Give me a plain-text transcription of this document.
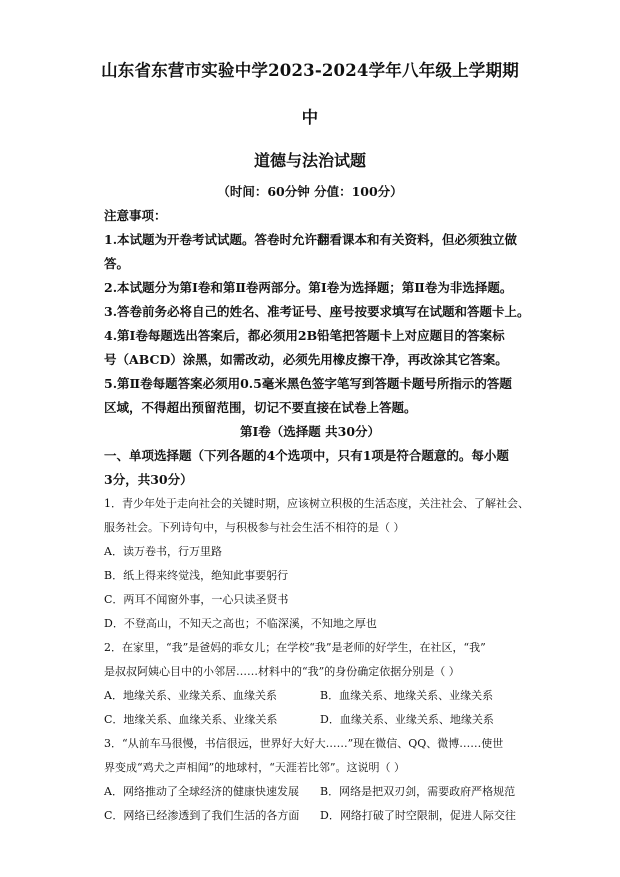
山东省东营市实验中学2023-2024学年八年级上学期期
中
道德与法治试题
（时间：60分钟 分值：100分）
注意事项：
1.本试题为开卷考试试题。答卷时允许翻看课本和有关资料，但必须独立做
答。
2.本试题分为第Ⅰ卷和第Ⅱ卷两部分。第Ⅰ卷为选择题；第Ⅱ卷为非选择题。
3.答卷前务必将自己的姓名、准考证号、座号按要求填写在试题和答题卡上。
4.第Ⅰ卷每题选出答案后，都必须用2B铅笔把答题卡上对应题目的答案标
号（ABCD）涂黑，如需改动，必须先用橡皮擦干净，再改涂其它答案。
5.第Ⅱ卷每题答案必须用0.5毫米黑色签字笔写到答题卡题号所指示的答题
区域，不得超出预留范围，切记不要直接在试卷上答题。
第Ⅰ卷（选择题 共30分）
一、单项选择题（下列各题的4个选项中，只有1项是符合题意的。每小题
3分，共30分）
1．青少年处于走向社会的关键时期，应该树立积极的生活态度，关注社会、了解社会、
服务社会。下列诗句中，与积极参与社会生活不相符的是（ ）
A．读万卷书，行万里路
B．纸上得来终觉浅，绝知此事要躬行
C．两耳不闻窗外事，一心只读圣贤书
D．不登高山，不知天之高也；不临深溪，不知地之厚也
2．在家里，“我”是爸妈的乖女儿；在学校“我”是老师的好学生，在社区，“我”
是叔叔阿姨心目中的小邻居……材料中的“我”的身份确定依据分别是（ ）
A．地缘关系、业缘关系、血缘关系	B．血缘关系、地缘关系、业缘关系
C．地缘关系、血缘关系、业缘关系	D．血缘关系、业缘关系、地缘关系
3．“从前车马很慢，书信很远，世界好大好大……”现在微信、QQ、微博……使世
界变成“鸡犬之声相闻”的地球村，“天涯若比邻”。这说明（ ）
A．网络推动了全球经济的健康快速发展 B．网络是把双刃剑，需要政府严格规范
C．网络已经渗透到了我们生活的各方面 D．网络打破了时空限制，促进人际交往
